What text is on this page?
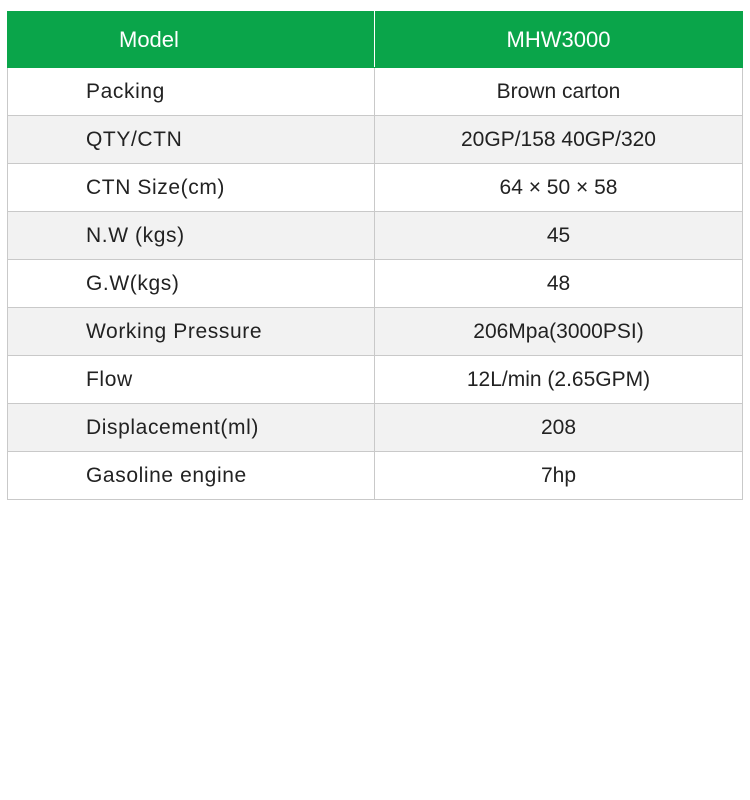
Model	MHW3000
Packing	Brown carton
QTY/CTN	20GP/158 40GP/320
CTN Size(cm)	64 × 50 × 58
N.W (kgs)	45
G.W(kgs)	48
Working Pressure	206Mpa(3000PSI)
Flow	12L/min (2.65GPM)
Displacement(ml)	208
Gasoline engine	7hp
